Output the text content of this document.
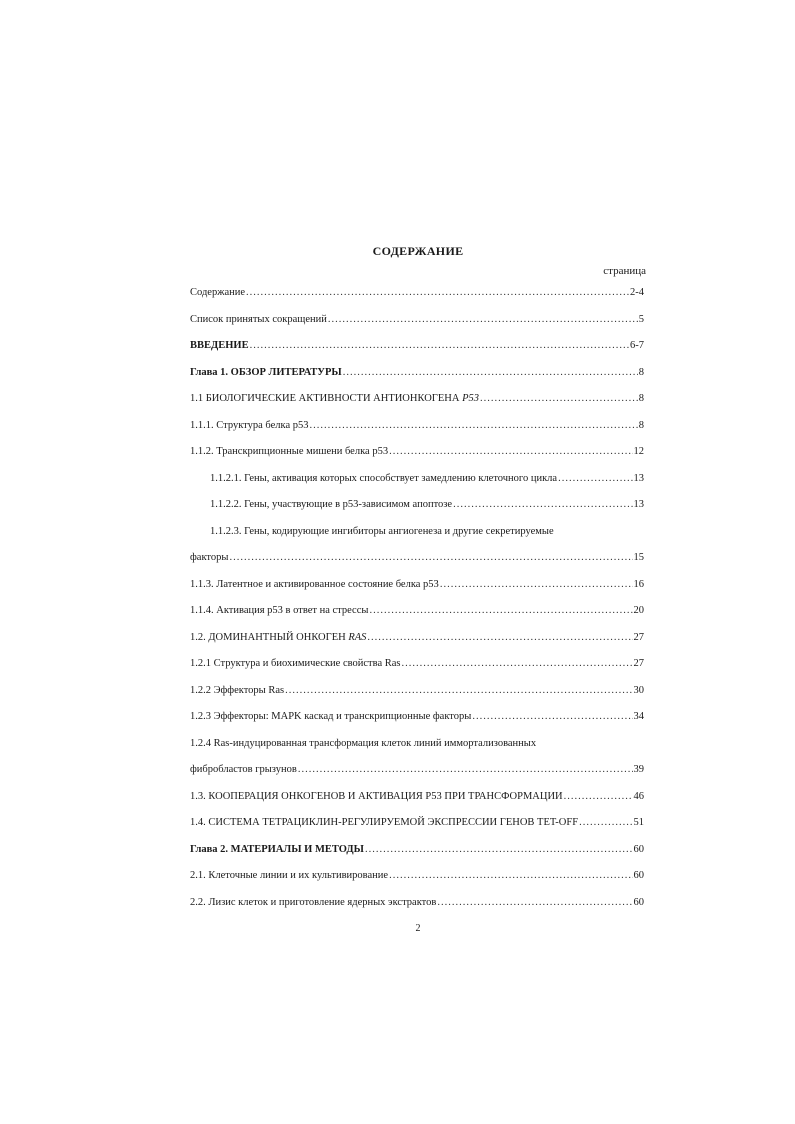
СОДЕРЖАНИЕ
страница
Содержание .....	2-4
Список принятых сокращений .....	5
ВВЕДЕНИЕ .....	6-7
Глава 1. ОБЗОР ЛИТЕРАТУРЫ .....	8
1.1 БИОЛОГИЧЕСКИЕ АКТИВНОСТИ АНТИОНКОГЕНА P53 .....	8
1.1.1. Структура белка p53 .....	8
1.1.2. Транскрипционные мишени белка p53 .....	12
1.1.2.1. Гены, активация которых способствует замедлению клеточного цикла .....	13
1.1.2.2. Гены, участвующие в p53-зависимом апоптозе .....	13
1.1.2.3. Гены, кодирующие ингибиторы ангиогенеза и другие секретируемые
факторы .....	15
1.1.3. Латентное и активированное состояние белка p53 .....	16
1.1.4. Активация p53 в ответ на стрессы .....	20
1.2. ДОМИНАНТНЫЙ ОНКОГЕН RAS .....	27
1.2.1 Структура и биохимические свойства Ras .....	27
1.2.2 Эффекторы Ras .....	30
1.2.3 Эффекторы: MAPK каскад и транскрипционные факторы .....	34
1.2.4 Ras-индуцированная трансформация клеток линий иммортализованных
фибробластов грызунов .....	39
1.3. КООПЕРАЦИЯ ОНКОГЕНОВ И АКТИВАЦИЯ P53 ПРИ ТРАНСФОРМАЦИИ .....	46
1.4. СИСТЕМА ТЕТРАЦИКЛИН-РЕГУЛИРУЕМОЙ ЭКСПРЕССИИ ГЕНОВ TET-OFF .....	51
Глава 2. МАТЕРИАЛЫ И МЕТОДЫ .....	60
2.1. Клеточные линии и их культивирование .....	60
2.2. Лизис клеток и приготовление ядерных экстрактов .....	60
2
